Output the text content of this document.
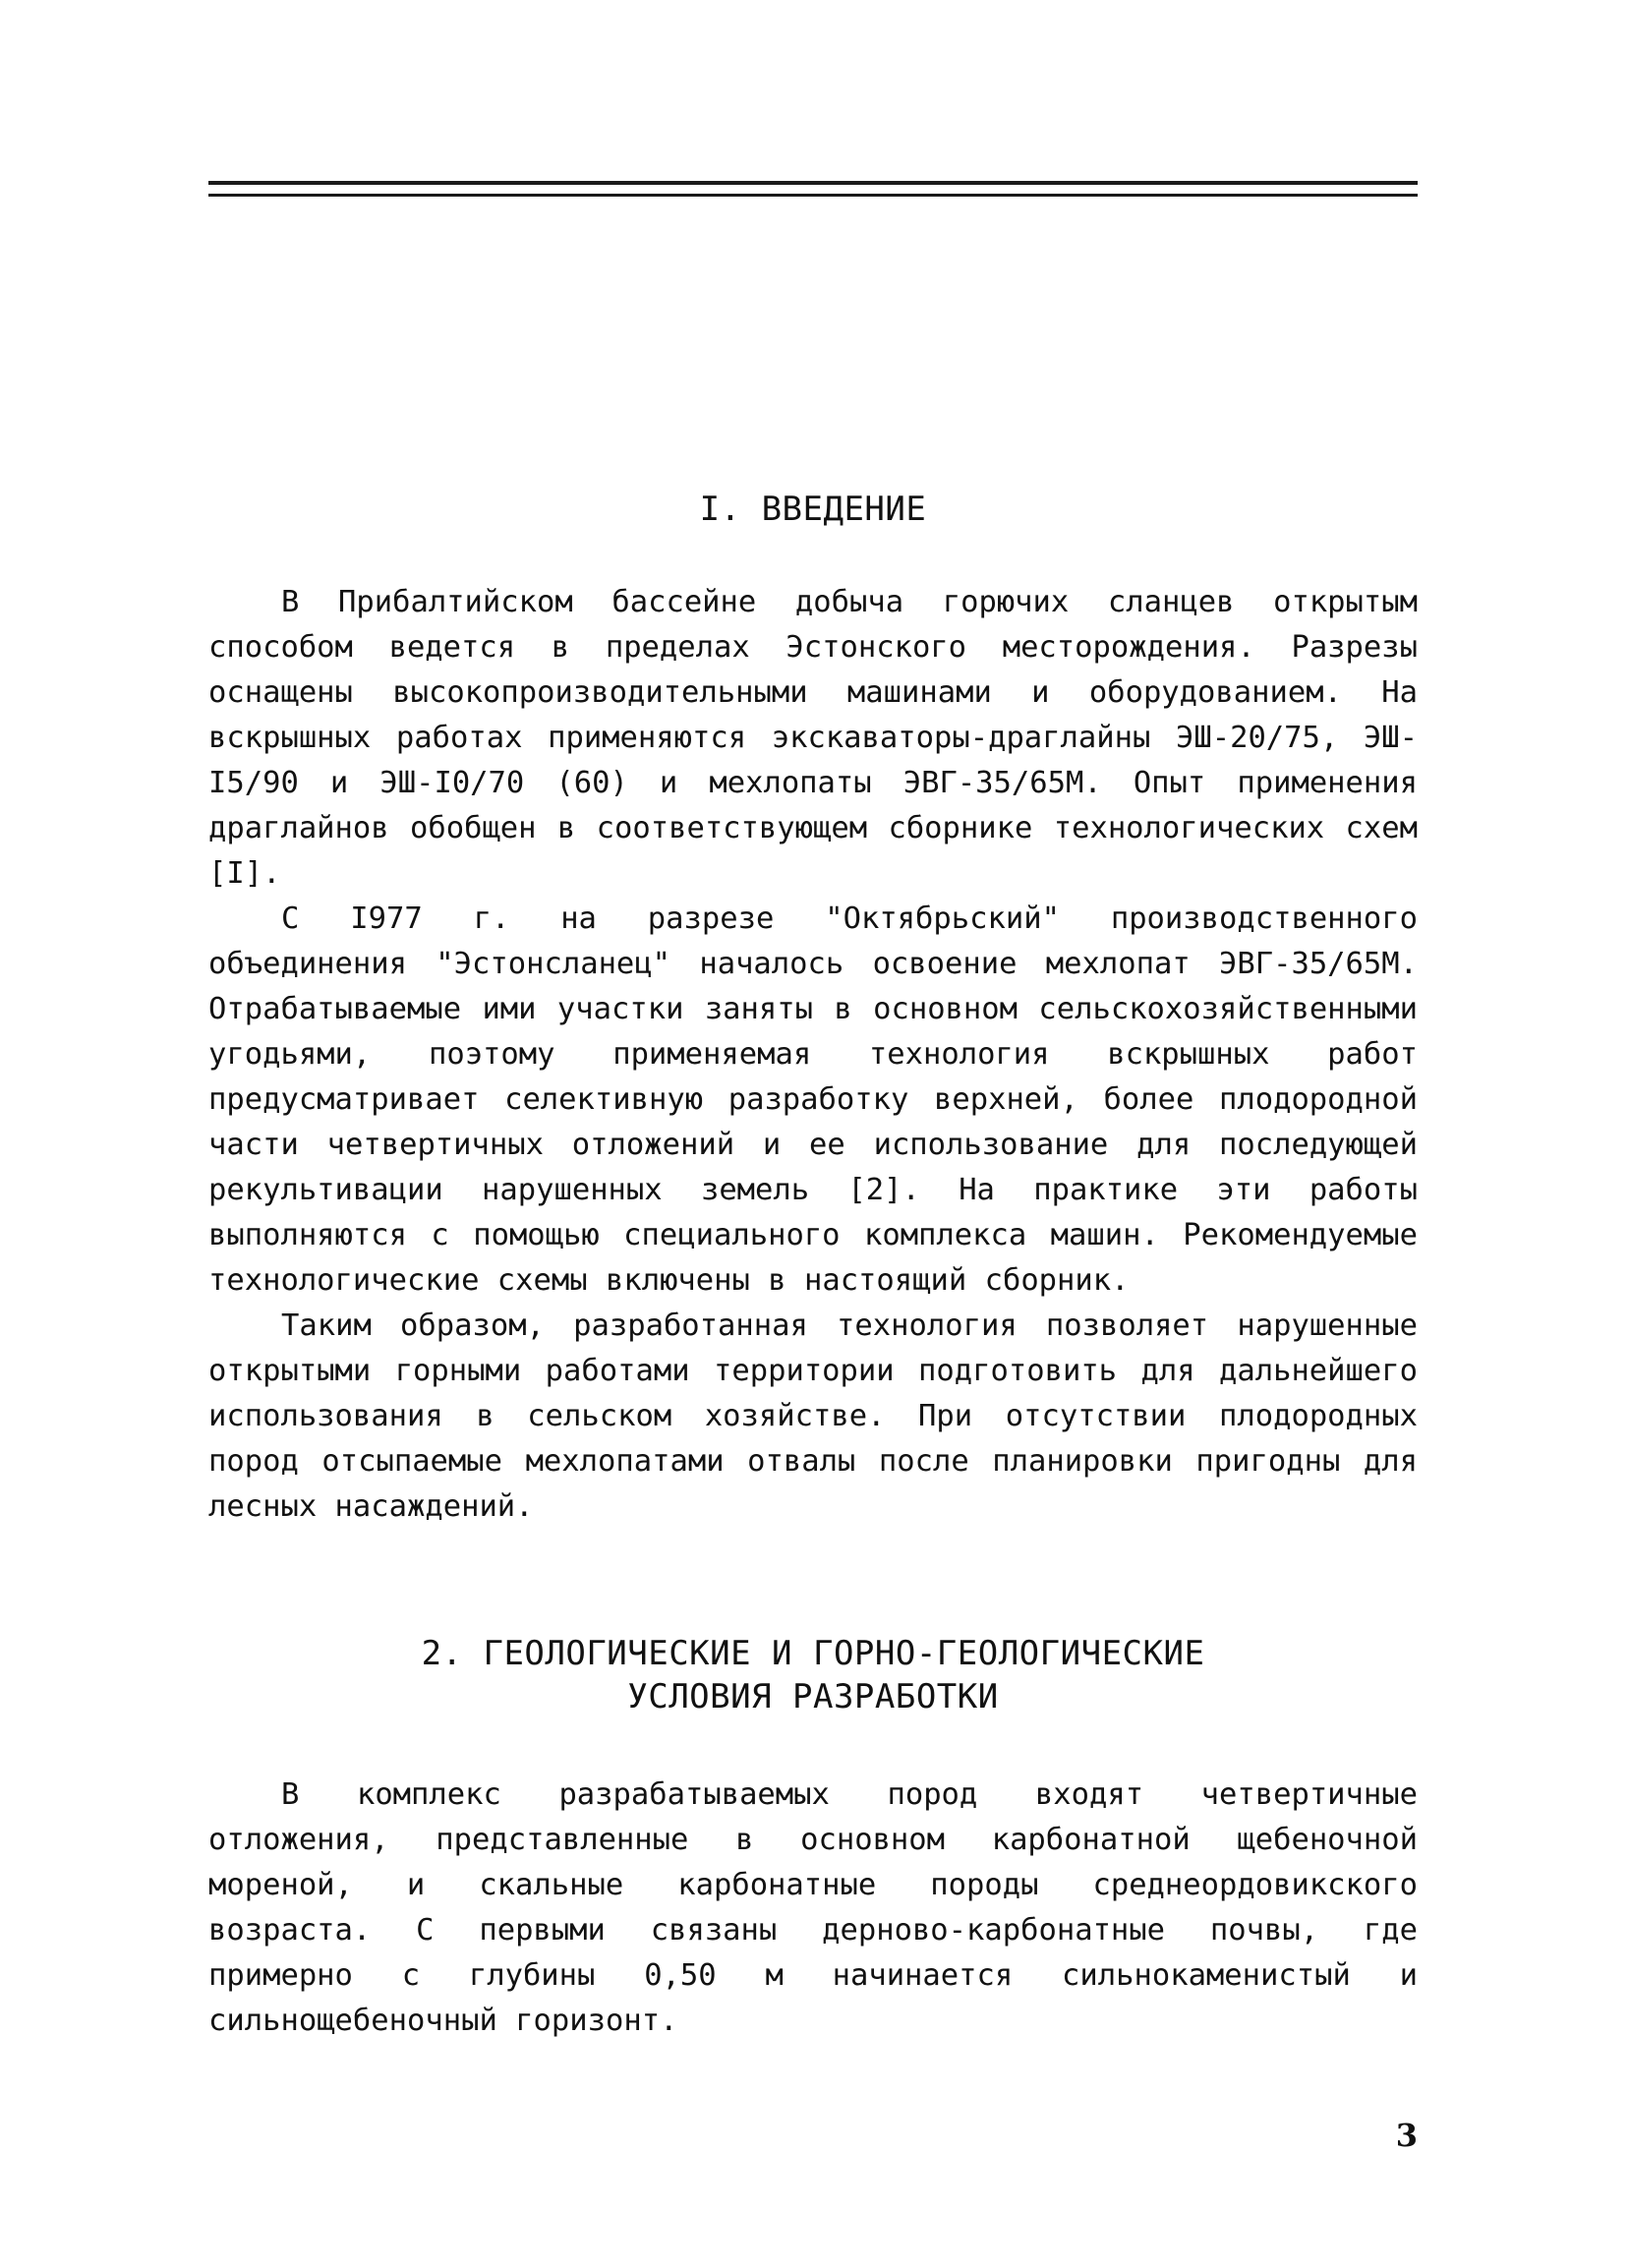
I. ВВЕДЕНИЕ

В Прибалтийском бассейне добыча горючих сланцев открытым способом ведется в пределах Эстонского месторождения. Разрезы оснащены высокопроизводительными машинами и оборудованием. На вскрышных работах применяются экскаваторы-драглайны ЭШ-20/75, ЭШ-I5/90 и ЭШ-I0/70 (60) и мехлопаты ЭВГ-35/65М. Опыт применения драглайнов обобщен в соответствующем сборнике технологических схем [I].

С I977 г. на разрезе "Октябрьский" производственного объединения "Эстонсланец" началось освоение мехлопат ЭВГ-35/65М. Отрабатываемые ими участки заняты в основном сельскохозяйственными угодьями, поэтому применяемая технология вскрышных работ предусматривает селективную разработку верхней, более плодородной части четвертичных отложений и ее использование для последующей рекультивации нарушенных земель [2]. На практике эти работы выполняются с помощью специального комплекса машин. Рекомендуемые технологические схемы включены в настоящий сборник.

Таким образом, разработанная технология позволяет нарушенные открытыми горными работами территории подготовить для дальнейшего использования в сельском хозяйстве. При отсутствии плодородных пород отсыпаемые мехлопатами отвалы после планировки пригодны для лесных насаждений.

2. ГЕОЛОГИЧЕСКИЕ И ГОРНО-ГЕОЛОГИЧЕСКИЕ
УСЛОВИЯ РАЗРАБОТКИ

В комплекс разрабатываемых пород входят четвертичные отложения, представленные в основном карбонатной щебеночной мореной, и скальные карбонатные породы среднеордовикского возраста. С первыми связаны дерново-карбонатные почвы, где примерно с глубины 0,50 м начинается сильнокаменистый и сильнощебеночный горизонт.

3
